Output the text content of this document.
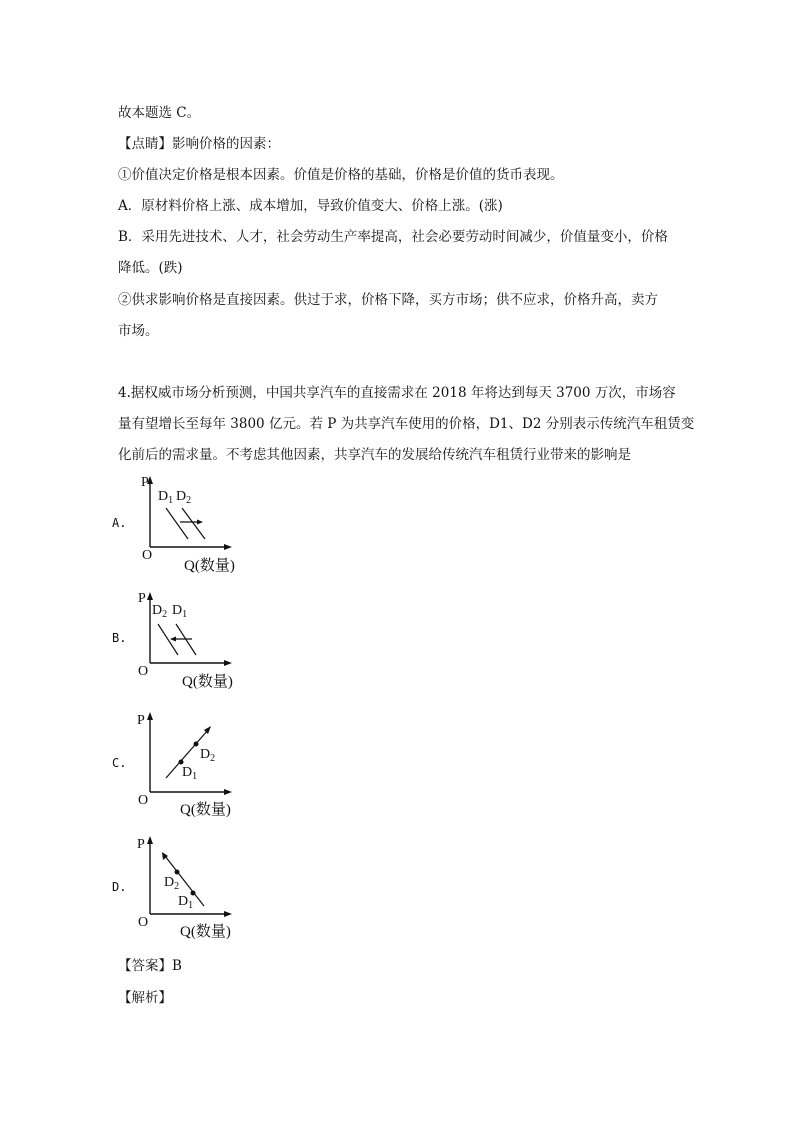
故本题选 C。
【点睛】影响价格的因素：
①价值决定价格是根本因素。价值是价格的基础，价格是价值的货币表现。
A．原材料价格上涨、成本增加，导致价值变大、价格上涨。(涨)
B．采用先进技术、人才，社会劳动生产率提高，社会必要劳动时间减少，价值量变小，价格
降低。(跌)
②供求影响价格是直接因素。供过于求，价格下降，买方市场；供不应求，价格升高，卖方
市场。
4.据权威市场分析预测，中国共享汽车的直接需求在 2018 年将达到每天 3700 万次，市场容
量有望增长至每年 3800 亿元。若 P 为共享汽车使用的价格，D1、D2 分别表示传统汽车租赁变
化前后的需求量。不考虑其他因素，共享汽车的发展给传统汽车租赁行业带来的影响是
A.
P
O
Q(数量)
$D_1$ $D_2$
B.
P
O
Q(数量)
$D_2$ $D_1$
C.
P
O
Q(数量)
$D_2$
$D_1$
D.
P
O
Q(数量)
$D_2$
$D_1$
【答案】B
【解析】
